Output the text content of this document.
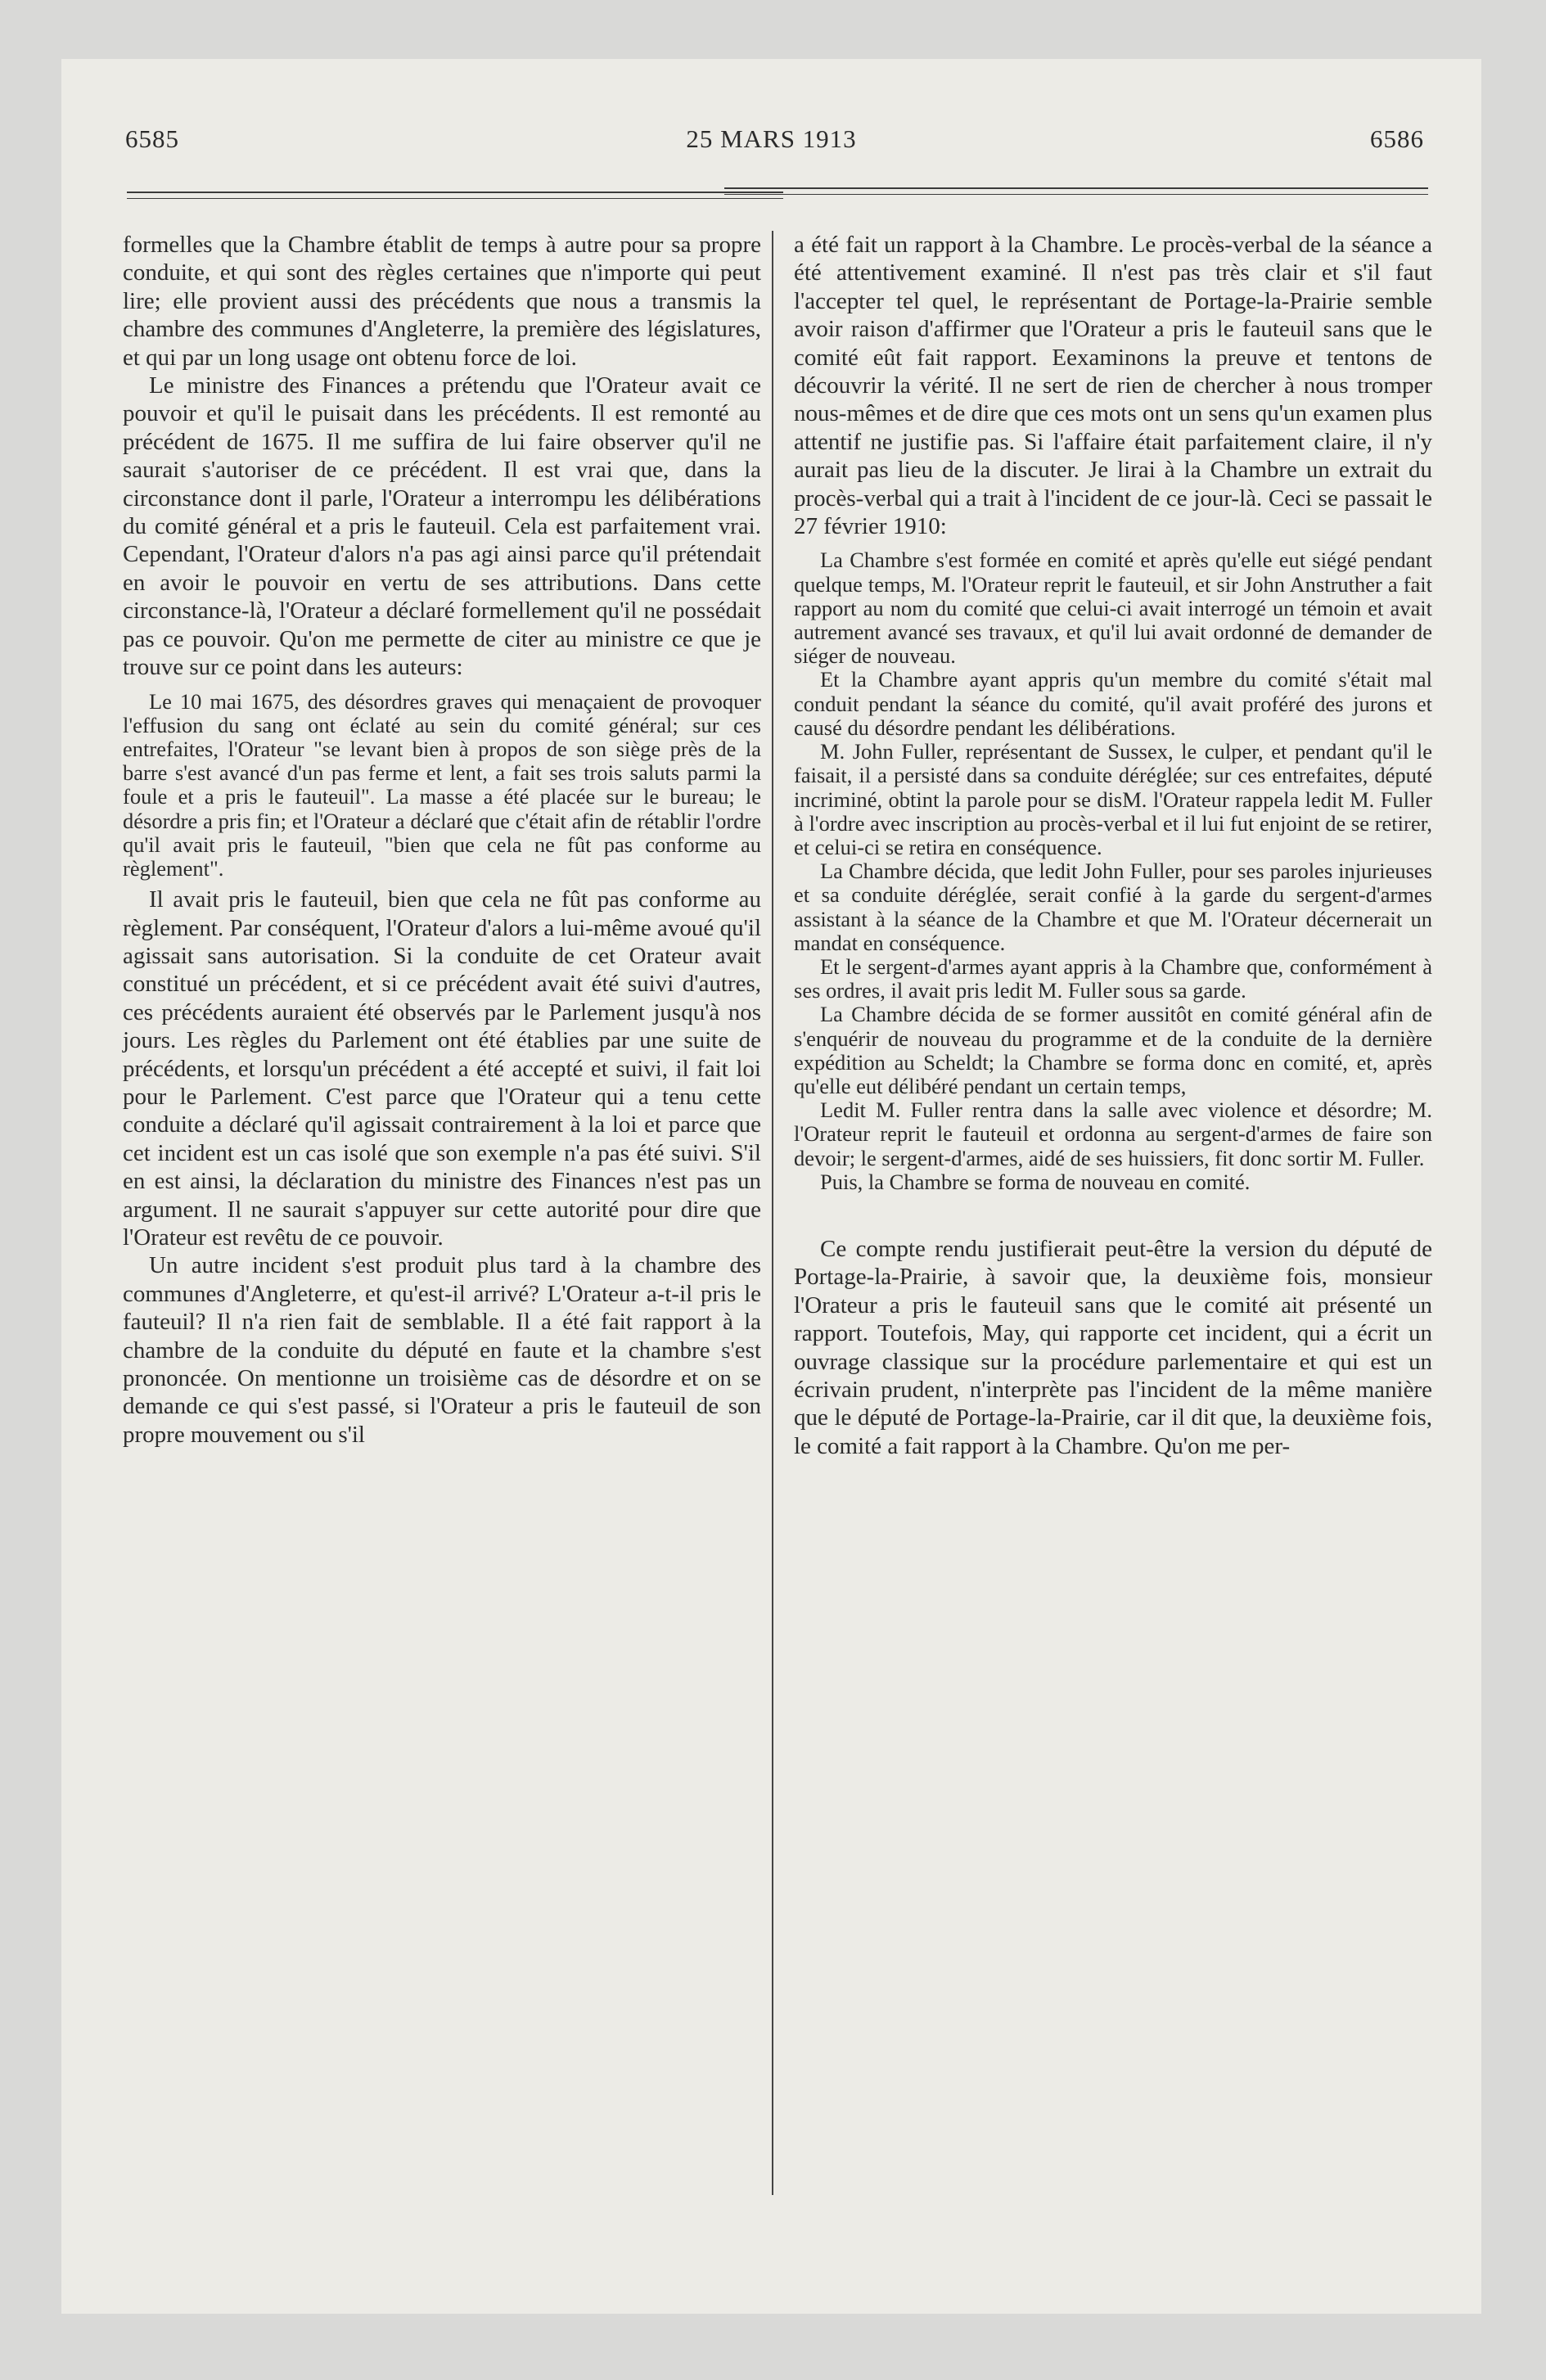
6585	25 MARS 1913	6586

formelles que la Chambre établit de temps à autre pour sa propre conduite, et qui sont des règles certaines que n'importe qui peut lire; elle provient aussi des précédents que nous a transmis la chambre des communes d'Angleterre, la première des législatures, et qui par un long usage ont obtenu force de loi.

Le ministre des Finances a prétendu que l'Orateur avait ce pouvoir et qu'il le puisait dans les précédents. Il est remonté au précédent de 1675. Il me suffira de lui faire observer qu'il ne saurait s'autoriser de ce précédent. Il est vrai que, dans la circonstance dont il parle, l'Orateur a interrompu les délibérations du comité général et a pris le fauteuil. Cela est parfaitement vrai. Cependant, l'Orateur d'alors n'a pas agi ainsi parce qu'il prétendait en avoir le pouvoir en vertu de ses attributions. Dans cette circonstance-là, l'Orateur a déclaré formellement qu'il ne possédait pas ce pouvoir. Qu'on me permette de citer au ministre ce que je trouve sur ce point dans les auteurs:

Le 10 mai 1675, des désordres graves qui menaçaient de provoquer l'effusion du sang ont éclaté au sein du comité général; sur ces entrefaites, l'Orateur "se levant bien à propos de son siège près de la barre s'est avancé d'un pas ferme et lent, a fait ses trois saluts parmi la foule et a pris le fauteuil". La masse a été placée sur le bureau; le désordre a pris fin; et l'Orateur a déclaré que c'était afin de rétablir l'ordre qu'il avait pris le fauteuil, "bien que cela ne fût pas conforme au règlement".

Il avait pris le fauteuil, bien que cela ne fût pas conforme au règlement. Par conséquent, l'Orateur d'alors a lui-même avoué qu'il agissait sans autorisation. Si la conduite de cet Orateur avait constitué un précédent, et si ce précédent avait été suivi d'autres, ces précédents auraient été observés par le Parlement jusqu'à nos jours. Les règles du Parlement ont été établies par une suite de précédents, et lorsqu'un précédent a été accepté et suivi, il fait loi pour le Parlement. C'est parce que l'Orateur qui a tenu cette conduite a déclaré qu'il agissait contrairement à la loi et parce que cet incident est un cas isolé que son exemple n'a pas été suivi. S'il en est ainsi, la déclaration du ministre des Finances n'est pas un argument. Il ne saurait s'appuyer sur cette autorité pour dire que l'Orateur est revêtu de ce pouvoir.

Un autre incident s'est produit plus tard à la chambre des communes d'Angleterre, et qu'est-il arrivé? L'Orateur a-t-il pris le fauteuil? Il n'a rien fait de semblable. Il a été fait rapport à la chambre de la conduite du député en faute et la chambre s'est prononcée. On mentionne un troisième cas de désordre et on se demande ce qui s'est passé, si l'Orateur a pris le fauteuil de son propre mouvement ou s'il

a été fait un rapport à la Chambre. Le procès-verbal de la séance a été attentivement examiné. Il n'est pas très clair et s'il faut l'accepter tel quel, le représentant de Portage-la-Prairie semble avoir raison d'affirmer que l'Orateur a pris le fauteuil sans que le comité eût fait rapport. Eexaminons la preuve et tentons de découvrir la vérité. Il ne sert de rien de chercher à nous tromper nous-mêmes et de dire que ces mots ont un sens qu'un examen plus attentif ne justifie pas. Si l'affaire était parfaitement claire, il n'y aurait pas lieu de la discuter. Je lirai à la Chambre un extrait du procès-verbal qui a trait à l'incident de ce jour-là. Ceci se passait le 27 février 1910:

La Chambre s'est formée en comité et après qu'elle eut siégé pendant quelque temps, M. l'Orateur reprit le fauteuil, et sir John Anstruther a fait rapport au nom du comité que celui-ci avait interrogé un témoin et avait autrement avancé ses travaux, et qu'il lui avait ordonné de demander de siéger de nouveau.

Et la Chambre ayant appris qu'un membre du comité s'était mal conduit pendant la séance du comité, qu'il avait proféré des jurons et causé du désordre pendant les délibérations.

M. John Fuller, représentant de Sussex, le culper, et pendant qu'il le faisait, il a persisté dans sa conduite déréglée; sur ces entrefaites, député incriminé, obtint la parole pour se disM. l'Orateur rappela ledit M. Fuller à l'ordre avec inscription au procès-verbal et il lui fut enjoint de se retirer, et celui-ci se retira en conséquence.

La Chambre décida, que ledit John Fuller, pour ses paroles injurieuses et sa conduite déréglée, serait confié à la garde du sergent-d'armes assistant à la séance de la Chambre et que M. l'Orateur décernerait un mandat en conséquence.

Et le sergent-d'armes ayant appris à la Chambre que, conformément à ses ordres, il avait pris ledit M. Fuller sous sa garde.

La Chambre décida de se former aussitôt en comité général afin de s'enquérir de nouveau du programme et de la conduite de la dernière expédition au Scheldt; la Chambre se forma donc en comité, et, après qu'elle eut délibéré pendant un certain temps,

Ledit M. Fuller rentra dans la salle avec violence et désordre; M. l'Orateur reprit le fauteuil et ordonna au sergent-d'armes de faire son devoir; le sergent-d'armes, aidé de ses huissiers, fit donc sortir M. Fuller.

Puis, la Chambre se forma de nouveau en comité.

Ce compte rendu justifierait peut-être la version du député de Portage-la-Prairie, à savoir que, la deuxième fois, monsieur l'Orateur a pris le fauteuil sans que le comité ait présenté un rapport. Toutefois, May, qui rapporte cet incident, qui a écrit un ouvrage classique sur la procédure parlementaire et qui est un écrivain prudent, n'interprète pas l'incident de la même manière que le député de Portage-la-Prairie, car il dit que, la deuxième fois, le comité a fait rapport à la Chambre. Qu'on me per-
